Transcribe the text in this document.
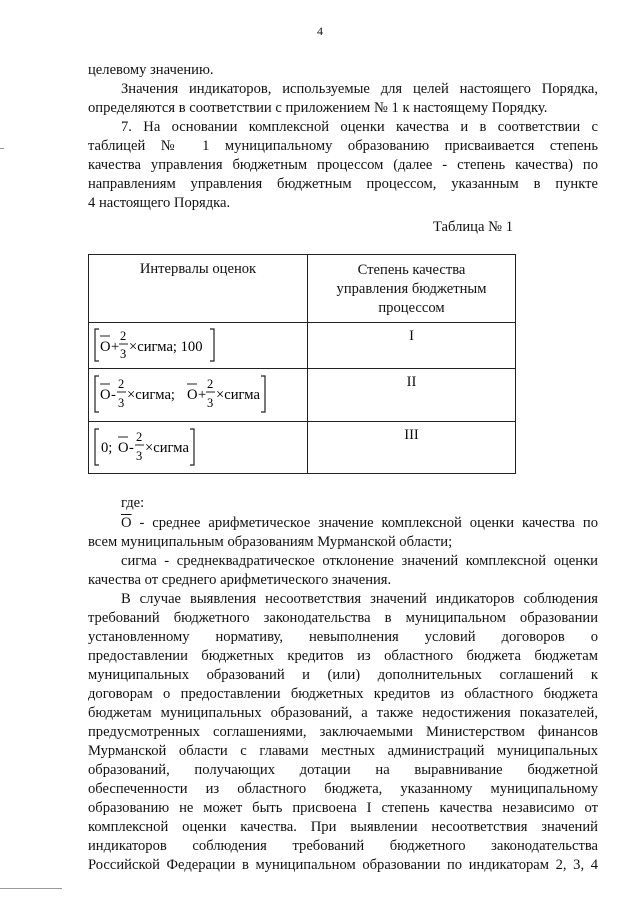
4
целевому значению.
Значения индикаторов, используемые для целей настоящего Порядка,
определяются в соответствии с приложением № 1 к настоящему Порядку.
7. На основании комплексной оценки качества и в соответствии с
таблицей № 1 муниципальному образованию присваивается степень
качества управления бюджетным процессом (далее - степень качества) по
направлениям управления бюджетным процессом, указанным в пункте
4 настоящего Порядка.
Таблица № 1
Интервалы оценок	Степень качества
управления бюджетным
процессом
О +
2
3 ×сигма; 100
I
О -
2
3 ×сигма; О +
2
3 ×сигма
II
0; О -
2
3 ×сигма
III
где:
О - среднее арифметическое значение комплексной оценки качества по
всем муниципальным образованиям Мурманской области;
сигма - среднеквадратическое отклонение значений комплексной оценки
качества от среднего арифметического значения.
В случае выявления несоответствия значений индикаторов соблюдения
требований бюджетного законодательства в муниципальном образовании
установленному нормативу, невыполнения условий договоров о
предоставлении бюджетных кредитов из областного бюджета бюджетам
муниципальных образований и (или) дополнительных соглашений к
договорам о предоставлении бюджетных кредитов из областного бюджета
бюджетам муниципальных образований, а также недостижения показателей,
предусмотренных соглашениями, заключаемыми Министерством финансов
Мурманской области с главами местных администраций муниципальных
образований, получающих дотации на выравнивание бюджетной
обеспеченности из областного бюджета, указанному муниципальному
образованию не может быть присвоена I степень качества независимо от
комплексной оценки качества. При выявлении несоответствия значений
индикаторов соблюдения требований бюджетного законодательства
Российской Федерации в муниципальном образовании по индикаторам 2, 3, 4
